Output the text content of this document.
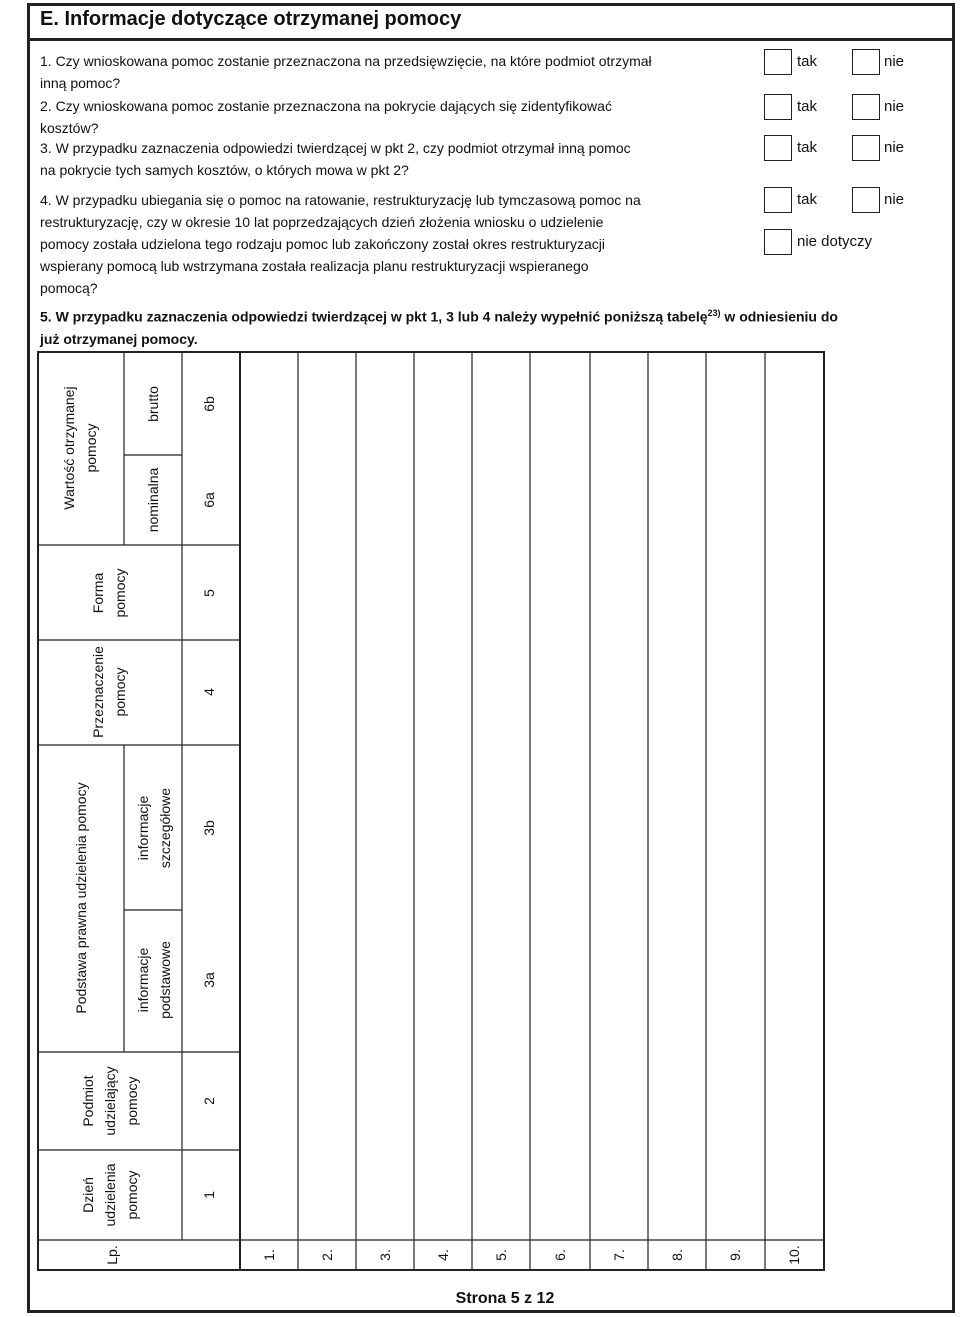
E. Informacje dotyczące otrzymanej pomocy
1. Czy wnioskowana pomoc zostanie przeznaczona na przedsięwzięcie, na które podmiot otrzymał
inną pomoc?
2. Czy wnioskowana pomoc zostanie przeznaczona na pokrycie dających się zidentyfikować
kosztów?
3. W przypadku zaznaczenia odpowiedzi twierdzącej w pkt 2, czy podmiot otrzymał inną pomoc
na pokrycie tych samych kosztów, o których mowa w pkt 2?
4. W przypadku ubiegania się o pomoc na ratowanie, restrukturyzację lub tymczasową pomoc na
restrukturyzację, czy w okresie 10 lat poprzedzających dzień złożenia wniosku o udzielenie
pomocy została udzielona tego rodzaju pomoc lub zakończony został okres restrukturyzacji
wspierany pomocą lub wstrzymana została realizacja planu restrukturyzacji wspieranego
pomocą?
5. W przypadku zaznaczenia odpowiedzi twierdzącej w pkt 1, 3 lub 4 należy wypełnić poniższą tabelę$^{23)}$ w odniesieniu do
już otrzymanej pomocy.
tak	nie
tak	nie
tak	nie
tak	nie
nie dotyczy
Lp.
Dzień udzielenia pomocy	1
Podmiot udzielający pomocy	2
Podstawa prawna udzielenia pomocy	informacje podstawowe 3a
informacje szczegółowe 3b
Przeznaczenie pomocy	4
Forma pomocy	5
Wartość otrzymanej pomocy
nominalna	6a
brutto	6b
1.	2.	3.	4.	5.	6.	7.	8.	9.	10.
Strona 5 z 12
